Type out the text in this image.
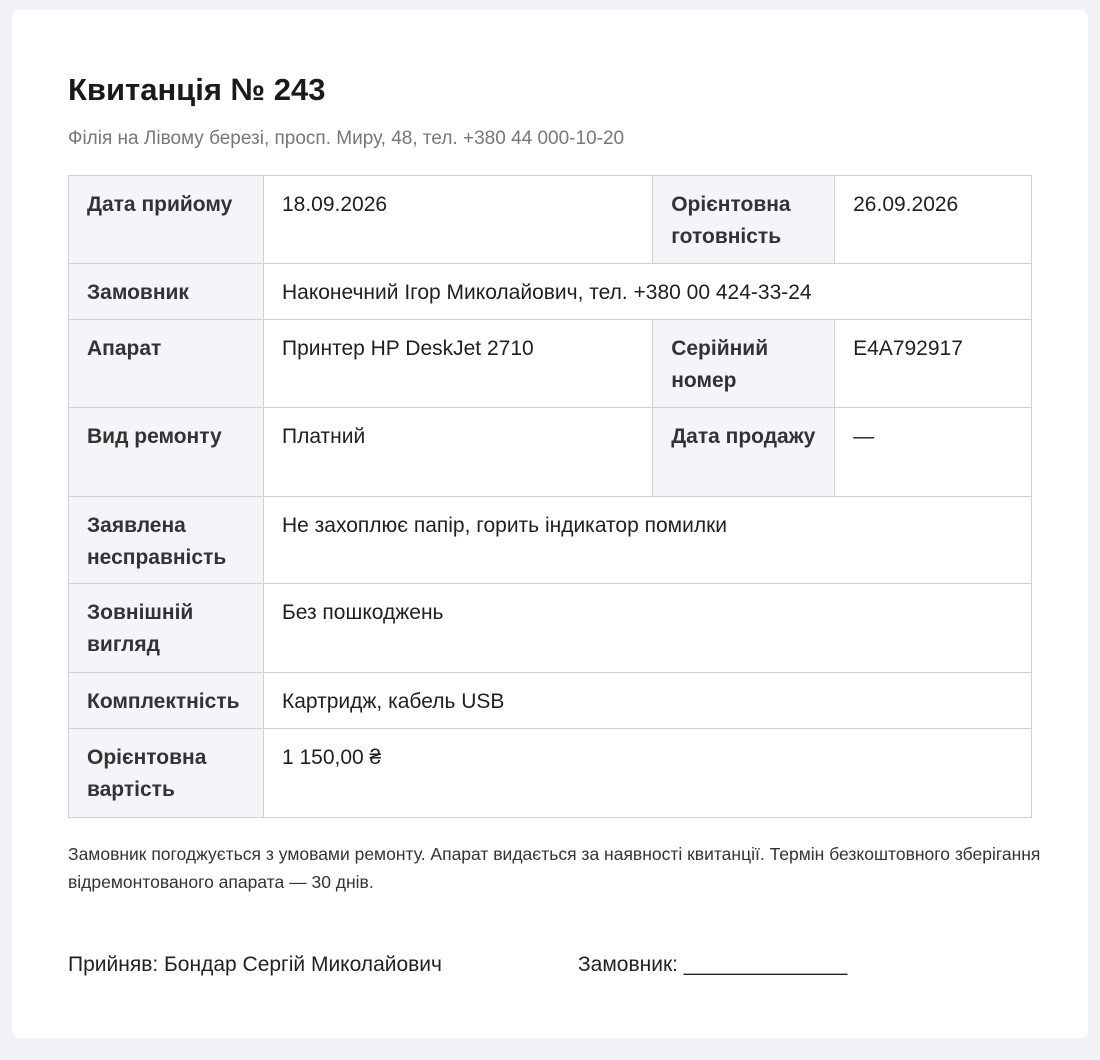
Квитанція № 243
Філія на Лівому березі, просп. Миру, 48, тел. +380 44 000-10-20
Дата прийому	18.09.2026	Орієнтовна готовність	26.09.2026
Замовник	Наконечний Ігор Миколайович, тел. +380 00 424-33-24		
Апарат	Принтер HP DeskJet 2710	Серійний номер	E4A792917
Вид ремонту	Платний	Дата продажу	—
Заявлена несправність	Не захоплює папір, горить індикатор помилки		
Зовнішній вигляд	Без пошкоджень		
Комплектність	Картридж, кабель USB		
Орієнтовна вартість	1 150,00 ₴		
Замовник погоджується з умовами ремонту. Апарат видається за наявності квитанції. Термін безкоштовного зберігання відремонтованого апарата — 30 днів.
Прийняв: Бондар Сергій Миколайович	Замовник: ______________
